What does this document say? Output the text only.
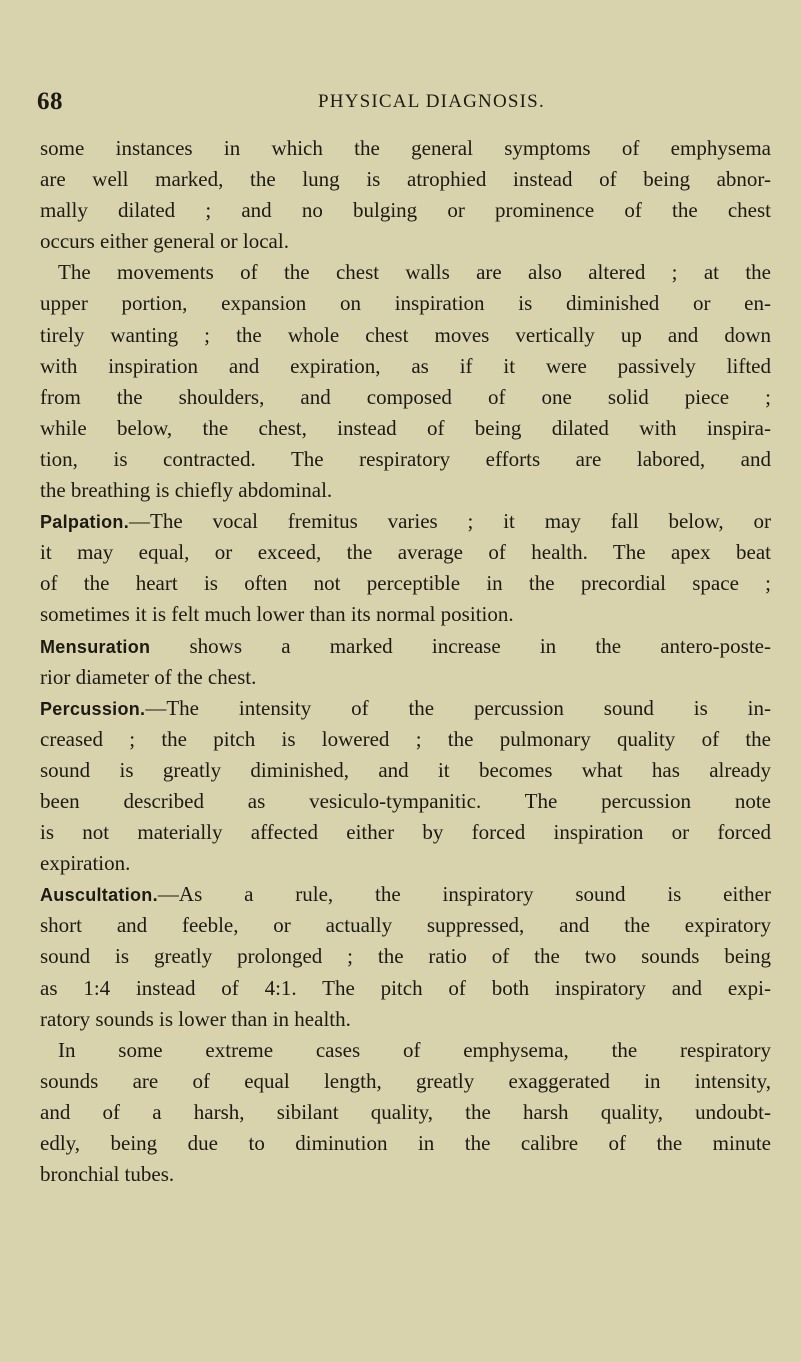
68	PHYSICAL DIAGNOSIS.
some instances in which the general symptoms of emphysema
are well marked, the lung is atrophied instead of being abnor-
mally dilated ; and no bulging or prominence of the chest
occurs either general or local.
The movements of the chest walls are also altered ; at the
upper portion, expansion on inspiration is diminished or en-
tirely wanting ; the whole chest moves vertically up and down
with inspiration and expiration, as if it were passively lifted
from the shoulders, and composed of one solid piece ;
while below, the chest, instead of being dilated with inspira-
tion, is contracted. The respiratory efforts are labored, and
the breathing is chiefly abdominal.
Palpation.—The vocal fremitus varies ; it may fall below, or
it may equal, or exceed, the average of health. The apex beat
of the heart is often not perceptible in the precordial space ;
sometimes it is felt much lower than its normal position.
Mensuration shows a marked increase in the antero-poste-
rior diameter of the chest.
Percussion.—The intensity of the percussion sound is in-
creased ; the pitch is lowered ; the pulmonary quality of the
sound is greatly diminished, and it becomes what has already
been described as vesiculo-tympanitic. The percussion note
is not materially affected either by forced inspiration or forced
expiration.
Auscultation.—As a rule, the inspiratory sound is either
short and feeble, or actually suppressed, and the expiratory
sound is greatly prolonged ; the ratio of the two sounds being
as 1:4 instead of 4:1. The pitch of both inspiratory and expi-
ratory sounds is lower than in health.
In some extreme cases of emphysema, the respiratory
sounds are of equal length, greatly exaggerated in intensity,
and of a harsh, sibilant quality, the harsh quality, undoubt-
edly, being due to diminution in the calibre of the minute
bronchial tubes.
